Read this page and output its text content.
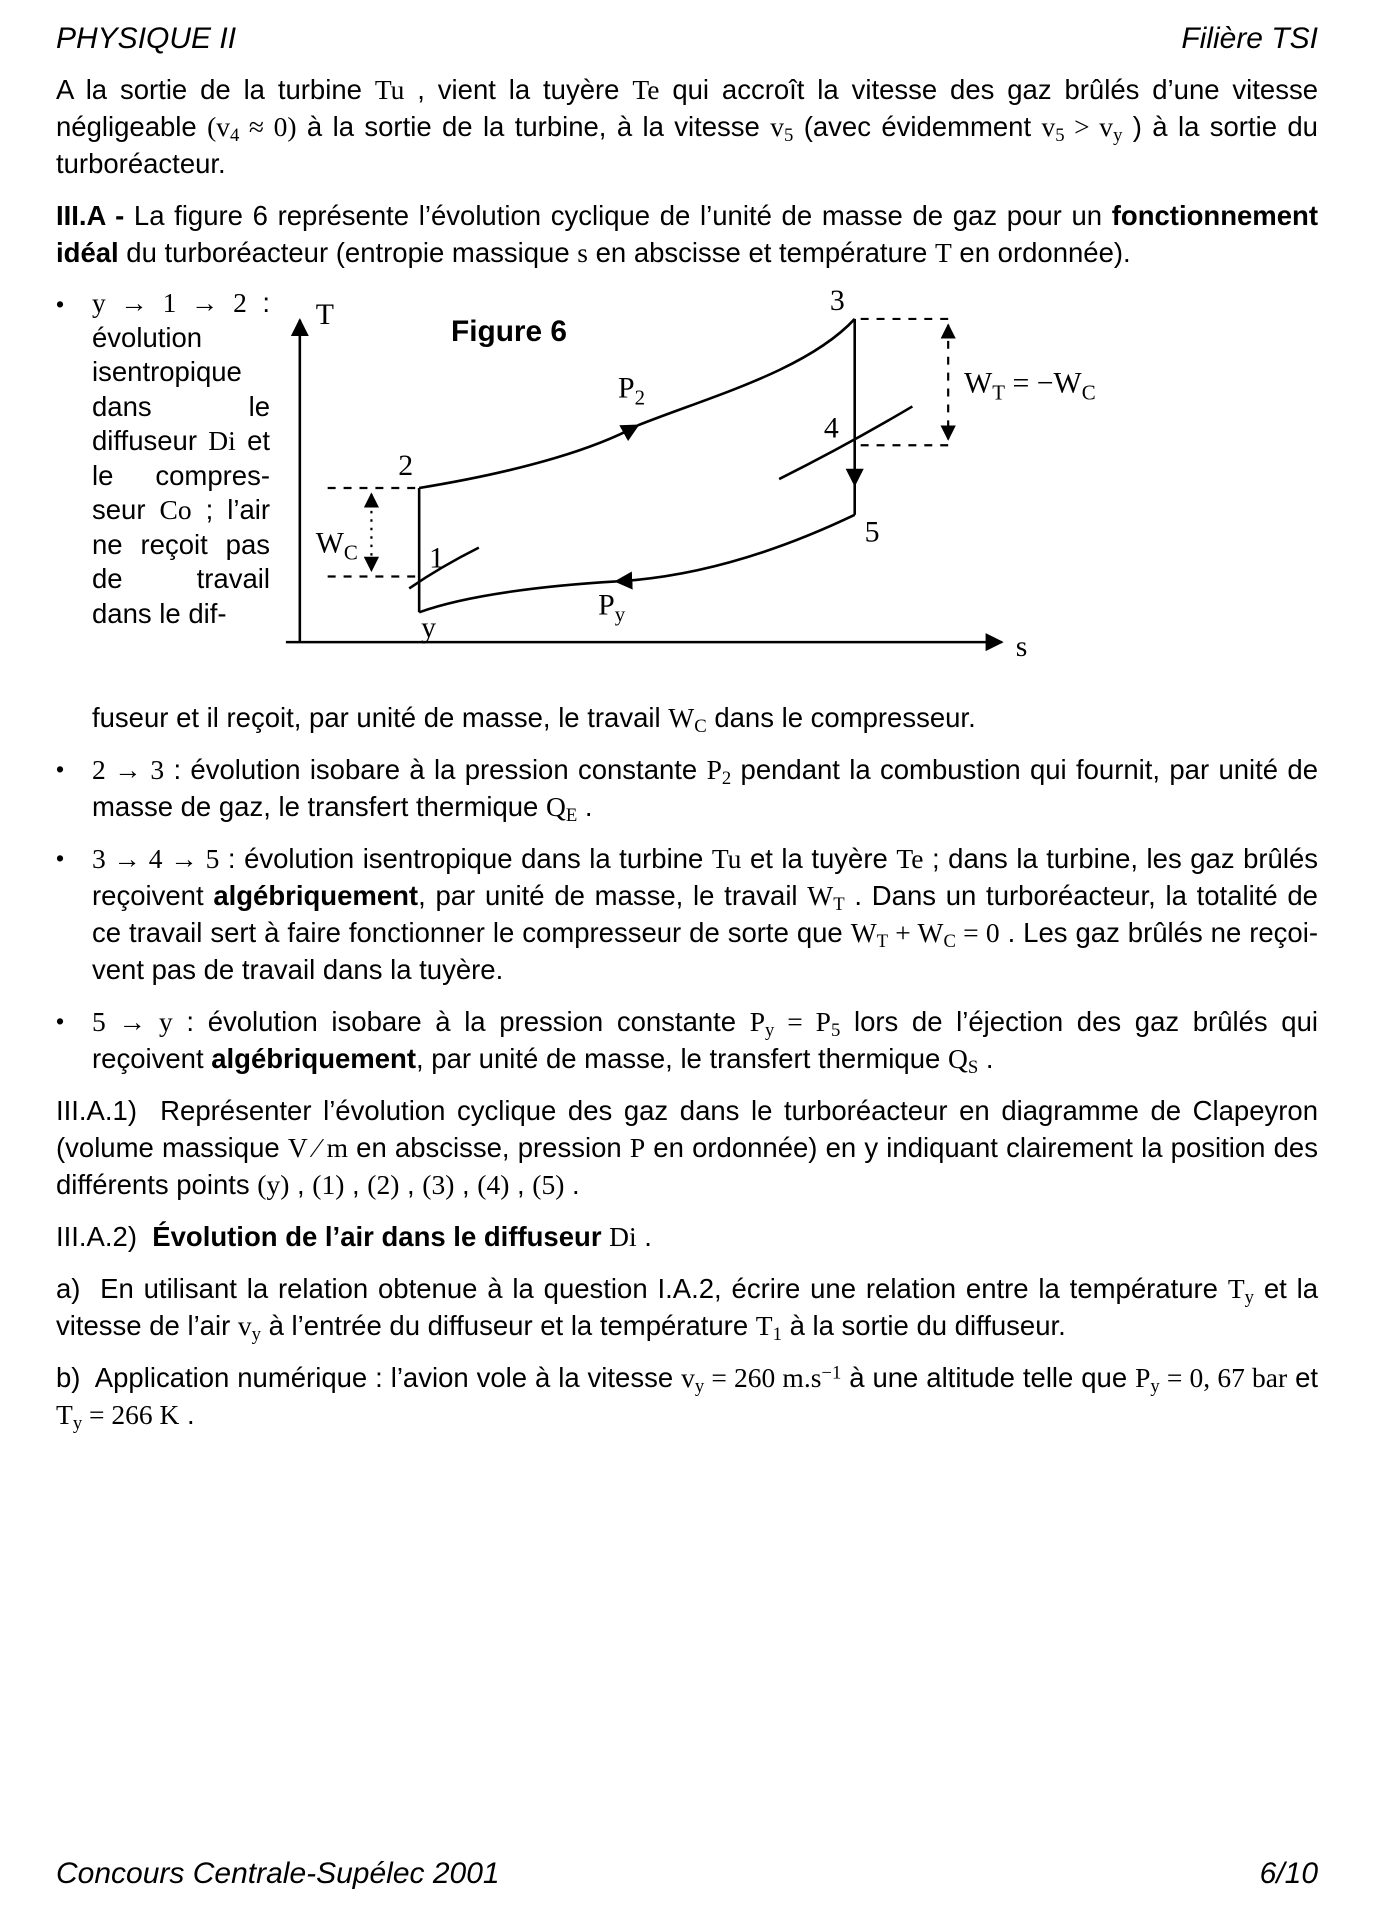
PHYSIQUE II	Filière TSI

A la sortie de la turbine Tu , vient la tuyère Te qui accroît la vitesse des gaz brûlés d’une vitesse négligeable $(v_4 \approx 0)$ à la sortie de la turbine, à la vitesse $v_5$ (avec évidemment $v_5 > v_y$ ) à la sortie du turboréacteur.

III.A - La figure 6 représente l’évolution cyclique de l’unité de masse de gaz pour un fonctionnement idéal du turboréacteur (entropie massique s en abscisse et température T en ordonnée).

•	y → 1 → 2 : évolution isentropique dans le diffuseur Di et le compresseur Co ; l’air ne reçoit pas de travail dans le dif-
T
s
Figure 6
$W_C$
$W_T = -W_C$
2
3
4
5
1
y
$P_2$
$P_y$

fuseur et il reçoit, par unité de masse, le travail $W_C$ dans le compresseur.

•	2 → 3 : évolution isobare à la pression constante $P_2$ pendant la combustion qui fournit, par unité de masse de gaz, le transfert thermique $Q_E$ .
•	3 → 4 → 5 : évolution isentropique dans la turbine Tu et la tuyère Te ; dans la turbine, les gaz brûlés reçoivent algébriquement, par unité de masse, le travail $W_T$ . Dans un turboréacteur, la totalité de ce travail sert à faire fonctionner le compresseur de sorte que $W_T + W_C = 0$ . Les gaz brûlés ne reçoivent pas de travail dans la tuyère.
•	5 → y : évolution isobare à la pression constante $P_y = P_5$ lors de l’éjection des gaz brûlés qui reçoivent algébriquement, par unité de masse, le transfert thermique $Q_S$ .

III.A.1)  Représenter l’évolution cyclique des gaz dans le turboréacteur en diagramme de Clapeyron (volume massique V ∕ m en abscisse, pression P en ordonnée) en y indiquant clairement la position des différents points (y) , (1) , (2) , (3) , (4) , (5) .

III.A.2)  Évolution de l’air dans le diffuseur Di .

a)  En utilisant la relation obtenue à la question I.A.2, écrire une relation entre la température $T_y$ et la vitesse de l’air $v_y$ à l’entrée du diffuseur et la température $T_1$ à la sortie du diffuseur.

b)  Application numérique : l’avion vole à la vitesse $v_y = 260$ $m.s^{-1}$ à une altitude telle que $P_y = 0$, 67 bar et $T_y = 266$ K .

Concours Centrale-Supélec 2001	6/10
